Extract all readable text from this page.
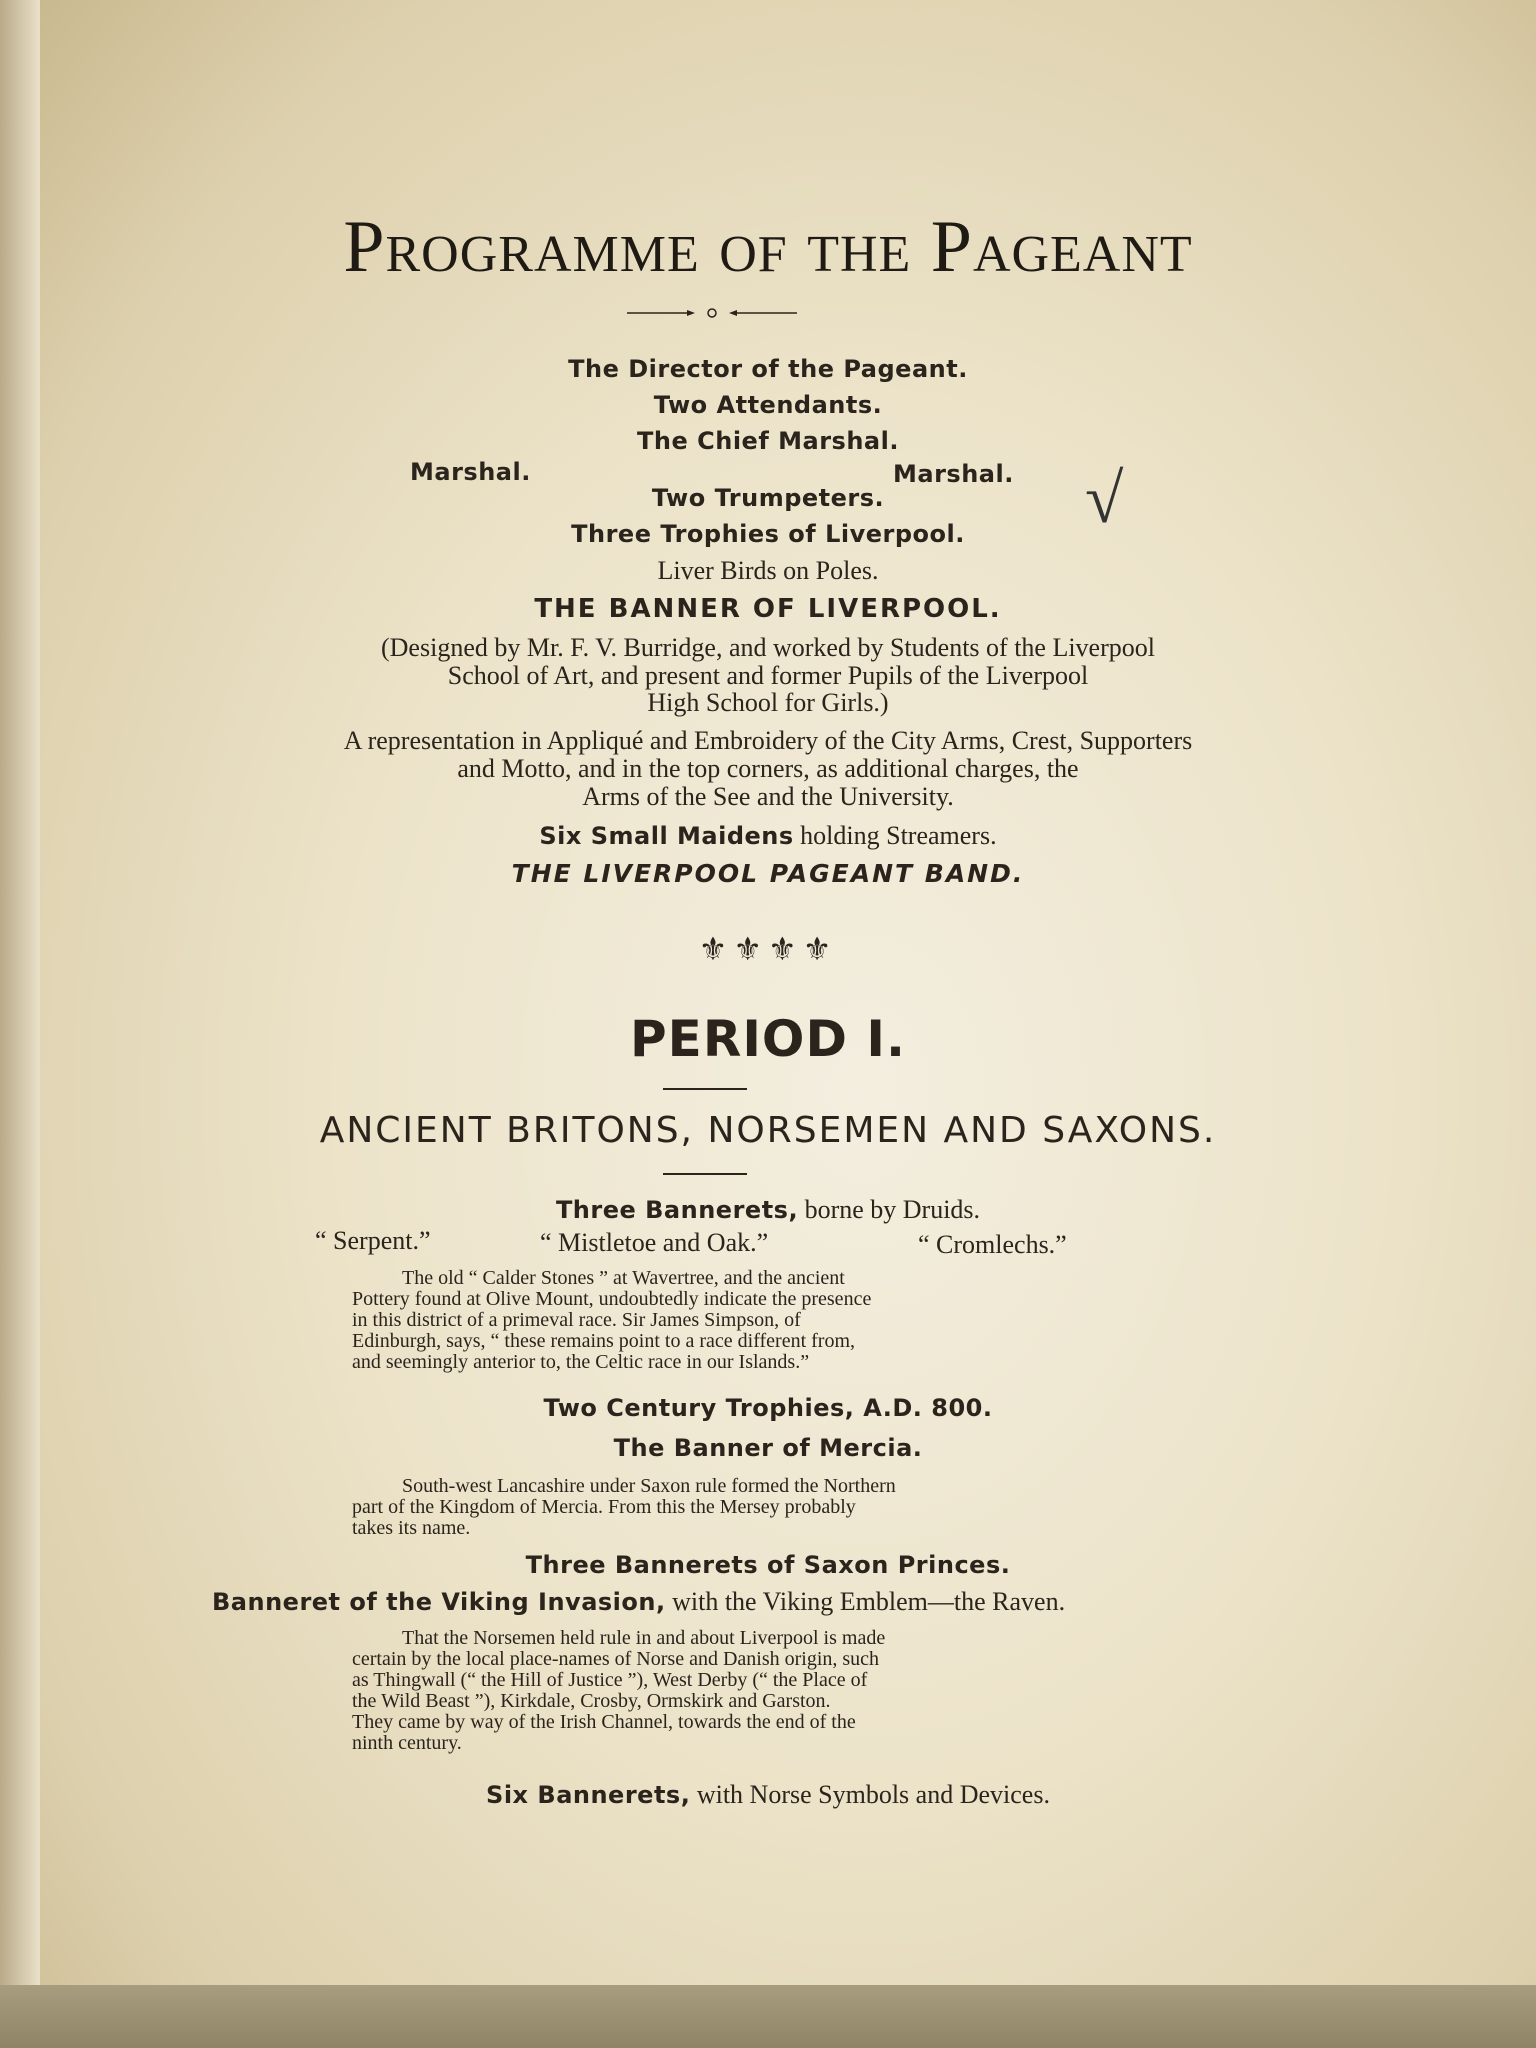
Programme of the Pageant
The Director of the Pageant.
Two Attendants.
The Chief Marshal.
Marshal.	Marshal. √
Two Trumpeters.
Three Trophies of Liverpool.
Liver Birds on Poles.
THE BANNER OF LIVERPOOL.
(Designed by Mr. F. V. Burridge, and worked by Students of the Liverpool
School of Art, and present and former Pupils of the Liverpool
High School for Girls.)
A representation in Appliqué and Embroidery of the City Arms, Crest, Supporters
and Motto, and in the top corners, as additional charges, the
Arms of the See and the University.
Six Small Maidens holding Streamers.
THE LIVERPOOL PAGEANT BAND.
⚜⚜⚜⚜
PERIOD I.
ANCIENT BRITONS, NORSEMEN AND SAXONS.
Three Bannerets, borne by Druids.
“ Serpent.”	“ Mistletoe and Oak.”	“ Cromlechs.”
The old “ Calder Stones ” at Wavertree, and the ancient
Pottery found at Olive Mount, undoubtedly indicate the presence
in this district of a primeval race. Sir James Simpson, of
Edinburgh, says, “ these remains point to a race different from,
and seemingly anterior to, the Celtic race in our Islands.”
Two Century Trophies, A.D. 800.
The Banner of Mercia.
South-west Lancashire under Saxon rule formed the Northern
part of the Kingdom of Mercia. From this the Mersey probably
takes its name.
Three Bannerets of Saxon Princes.
Banneret of the Viking Invasion, with the Viking Emblem—the Raven.
That the Norsemen held rule in and about Liverpool is made
certain by the local place-names of Norse and Danish origin, such
as Thingwall (“ the Hill of Justice ”), West Derby (“ the Place of
the Wild Beast ”), Kirkdale, Crosby, Ormskirk and Garston.
They came by way of the Irish Channel, towards the end of the
ninth century.
Six Bannerets, with Norse Symbols and Devices.
